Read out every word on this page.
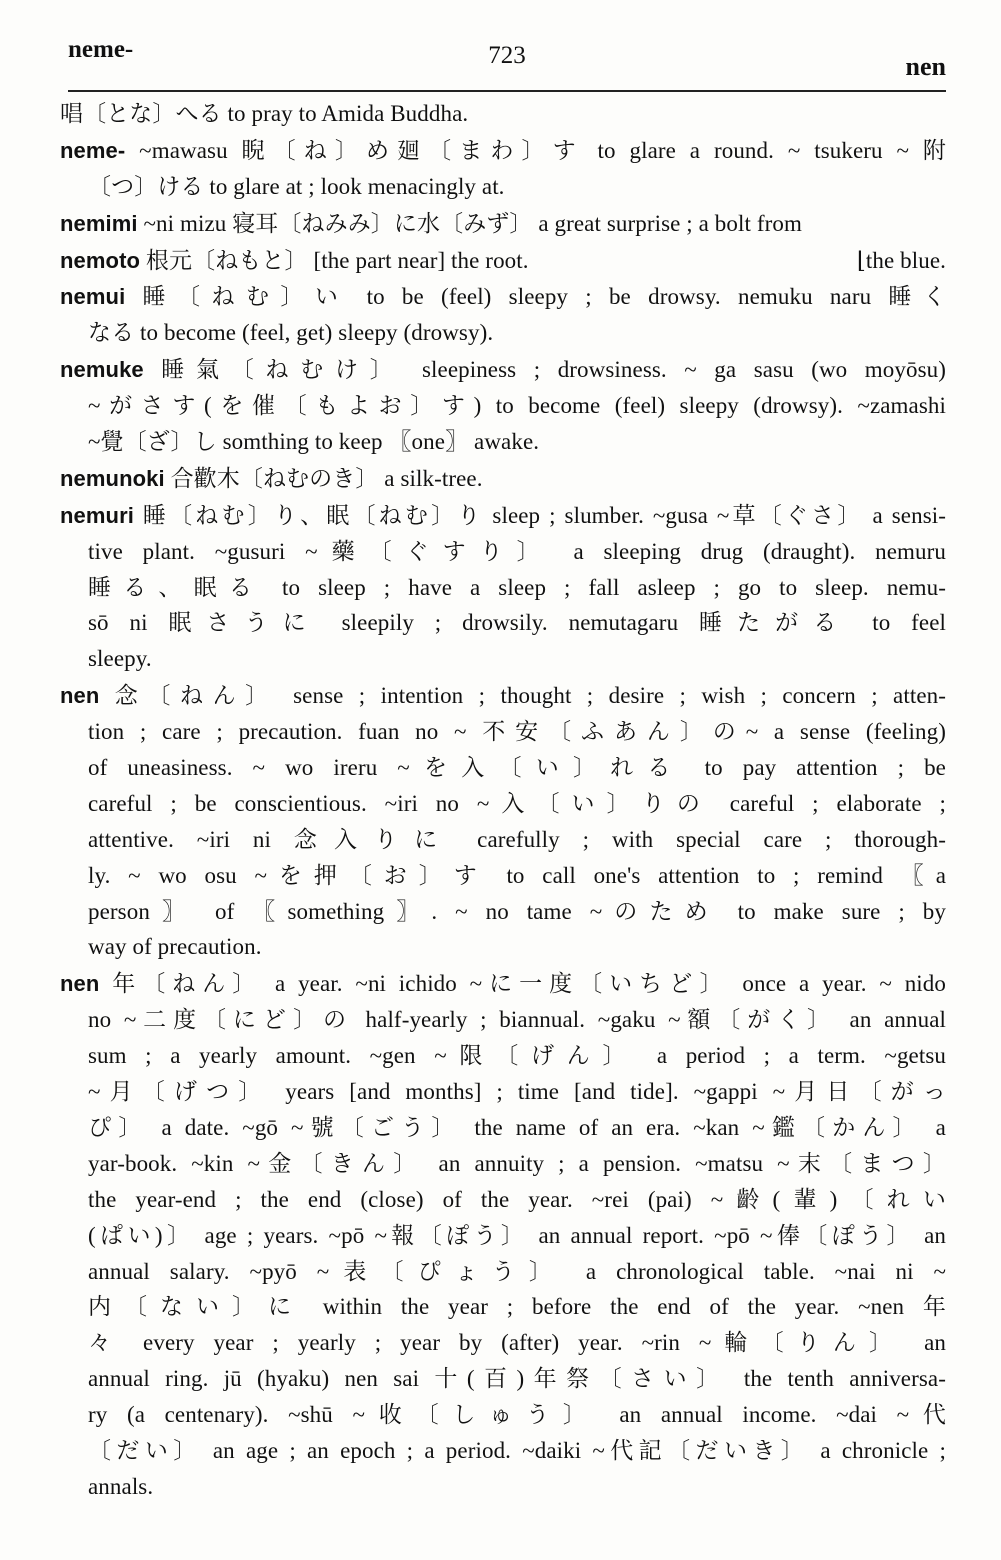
neme-	723	nen
唱〔とな〕へる to pray to Amida Buddha.
neme- ~mawasu 睨〔ね〕め廻〔まわ〕す to glare a round. ~ tsukeru ~ 附
〔つ〕ける to glare at ; look menacingly at.
nemimi ~ni mizu 寝耳〔ねみみ〕に水〔みず〕 a great surprise ; a bolt from
nemoto	⌊the blue.
根元〔ねもと〕 [the part near] the root.
nemui 睡〔ねむ〕い to be (feel) sleepy ; be drowsy. nemuku naru 睡く
なる to become (feel, get) sleepy (drowsy).
nemuke 睡氣〔ねむけ〕 sleepiness ; drowsiness. ~ ga sasu (wo moyōsu)
~がさす(を催〔もよお〕す) to become (feel) sleepy (drowsy). ~zamashi
~覺〔ざ〕し somthing to keep 〖one〗 awake.
nemunoki 合歡木〔ねむのき〕 a silk-tree.
nemuri 睡〔ねむ〕り、眠〔ねむ〕り sleep ; slumber. ~gusa ~草〔ぐさ〕 a sensi-
tive plant. ~gusuri ~藥〔ぐすり〕 a sleeping drug (draught). nemuru
睡る、眠る to sleep ; have a sleep ; fall asleep ; go to sleep. nemu-
sō ni 眠さうに sleepily ; drowsily. nemutagaru 睡たがる to feel
sleepy.
nen 念〔ねん〕 sense ; intention ; thought ; desire ; wish ; concern ; atten-
tion ; care ; precaution. fuan no ~ 不安〔ふあん〕の~ a sense (feeling)
of uneasiness. ~ wo ireru ~を入〔い〕れる to pay attention ; be
careful ; be conscientious. ~iri no ~入〔い〕りの careful ; elaborate ;
attentive. ~iri ni 念入りに carefully ; with special care ; thorough-
ly. ~ wo osu ~を押〔お〕す to call one's attention to ; remind 〖a
person〗 of 〖something〗. ~ no tame ~のため to make sure ; by
way of precaution.
nen 年〔ねん〕 a year. ~ni ichido ~に一度〔いちど〕 once a year. ~ nido
no ~二度〔にど〕の half-yearly ; biannual. ~gaku ~額〔がく〕 an annual
sum ; a yearly amount. ~gen ~限〔げん〕 a period ; a term. ~getsu
~月〔げつ〕 years [and months] ; time [and tide]. ~gappi ~月日〔がっ
ぴ〕 a date. ~gō ~號〔ごう〕 the name of an era. ~kan ~鑑〔かん〕 a
yar-book. ~kin ~金〔きん〕 an annuity ; a pension. ~matsu ~末〔まつ〕
the year-end ; the end (close) of the year. ~rei (pai) ~齡(輩)〔れい
(ぱい)〕 age ; years. ~pō ~報〔ぽう〕 an annual report. ~pō ~俸〔ぽう〕 an
annual salary. ~pyō ~表〔ぴょう〕 a chronological table. ~nai ni ~
内〔ない〕に within the year ; before the end of the year. ~nen 年
々 every year ; yearly ; year by (after) year. ~rin ~輪〔りん〕 an
annual ring. jū (hyaku) nen sai 十(百)年祭〔さい〕 the tenth anniversa-
ry (a centenary). ~shū ~收〔しゅう〕 an annual income. ~dai ~代
〔だい〕 an age ; an epoch ; a period. ~daiki ~代記〔だいき〕 a chronicle ;
annals.
